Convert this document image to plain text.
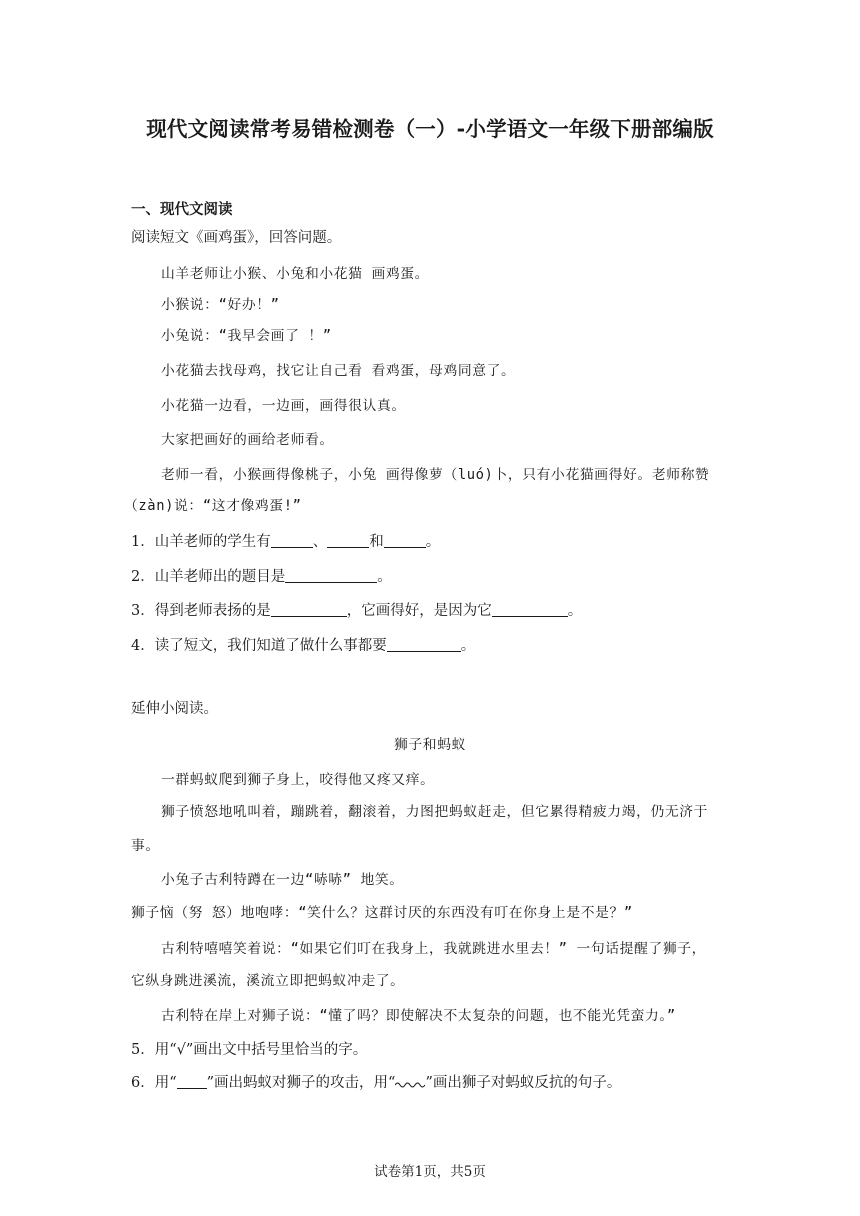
现代文阅读常考易错检测卷（一）-小学语文一年级下册部编版
一、现代文阅读
阅读短文《画鸡蛋》，回答问题。
山羊老师让小猴、小兔和小花猫 画鸡蛋。
小猴说：“好办！”
小兔说：“我早会画了 ！”
小花猫去找母鸡，找它让自己看 看鸡蛋，母鸡同意了。
小花猫一边看，一边画，画得很认真。
大家把画好的画给老师看。
老师一看，小猴画得像桃子，小兔 画得像萝（luó)卜，只有小花猫画得好。老师称赞
（zàn)说：“这才像鸡蛋!”
1．山羊老师的学生有	、	和	。
2．山羊老师出的题目是	。
3．得到老师表扬的是	，它画得好，是因为它	。
4．读了短文，我们知道了做什么事都要	。
延伸小阅读。
狮子和蚂蚁
一群蚂蚁爬到狮子身上，咬得他又疼又痒。
狮子愤怒地吼叫着，蹦跳着，翻滚着，力图把蚂蚁赶走，但它累得精疲力竭，仍无济于
事。
小兔子古利特蹲在一边“哧哧” 地笑。
狮子恼（努 怒）地咆哮：“笑什么？这群讨厌的东西没有叮在你身上是不是？”
古利特嘻嘻笑着说：“如果它们叮在我身上，我就跳进水里去！” 一句话提醒了狮子，
它纵身跳进溪流，溪流立即把蚂蚁冲走了。
古利特在岸上对狮子说：“懂了吗？即使解决不太复杂的问题，也不能光凭蛮力。”
5．用“√”画出文中括号里恰当的字。
6．用“ ”画出蚂蚁对狮子的攻击，用“ ”画出狮子对蚂蚁反抗的句子。
试卷第1页，共5页
